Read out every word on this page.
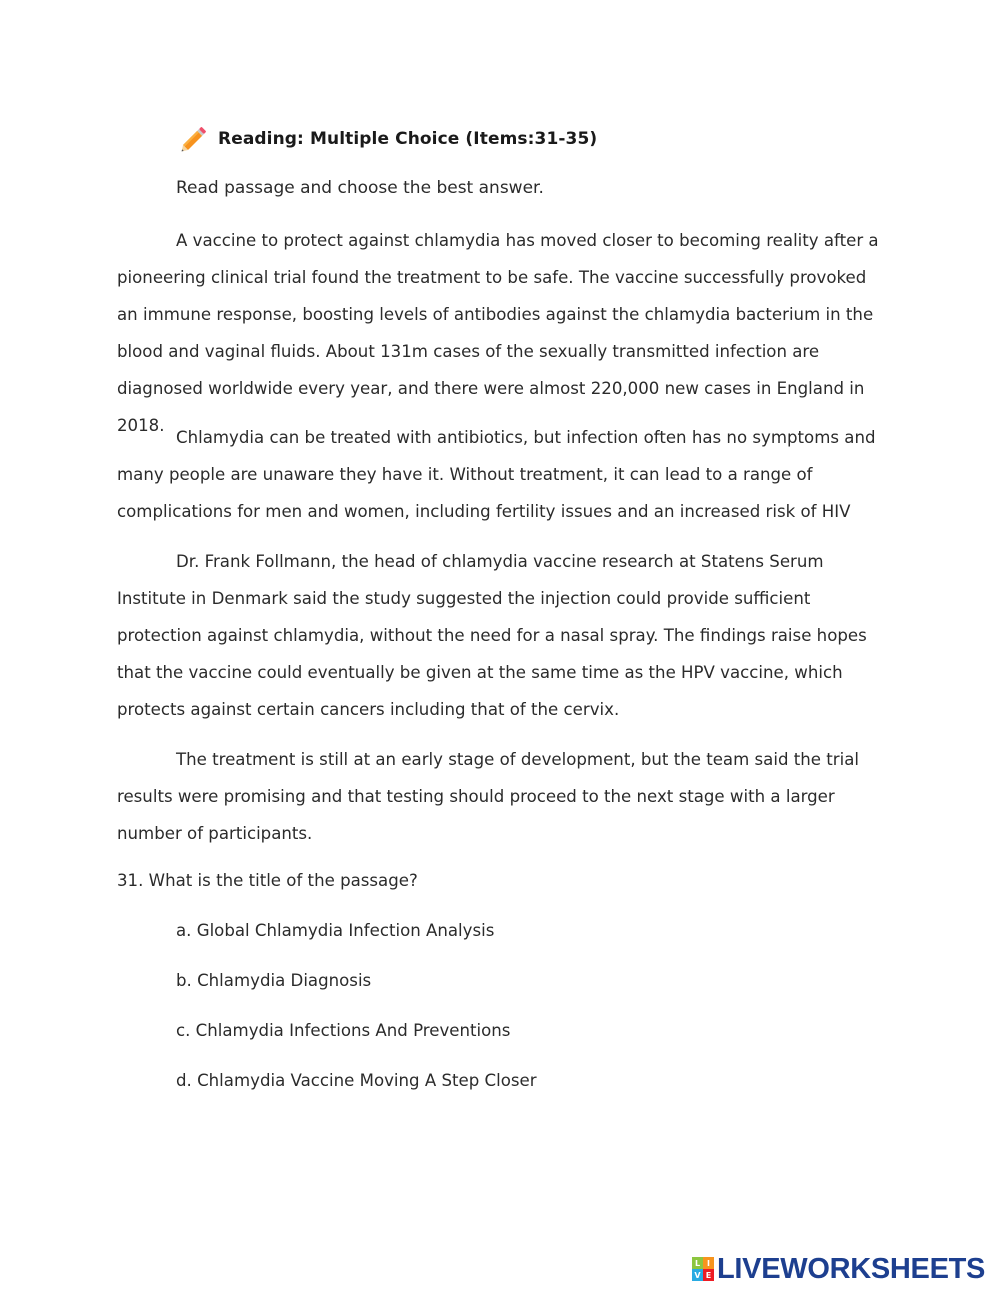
Reading: Multiple Choice (Items:31-35)
Read passage and choose the best answer.

A vaccine to protect against chlamydia has moved closer to becoming reality after a pioneering clinical trial found the treatment to be safe. The vaccine successfully provoked an immune response, boosting levels of antibodies against the chlamydia bacterium in the blood and vaginal fluids. About 131m cases of the sexually transmitted infection are diagnosed worldwide every year, and there were almost 220,000 new cases in England in 2018.

Chlamydia can be treated with antibiotics, but infection often has no symptoms and many people are unaware they have it. Without treatment, it can lead to a range of complications for men and women, including fertility issues and an increased risk of HIV

Dr. Frank Follmann, the head of chlamydia vaccine research at Statens Serum Institute in Denmark said the study suggested the injection could provide sufficient protection against chlamydia, without the need for a nasal spray. The findings raise hopes that the vaccine could eventually be given at the same time as the HPV vaccine, which protects against certain cancers including that of the cervix.

The treatment is still at an early stage of development, but the team said the trial results were promising and that testing should proceed to the next stage with a larger number of participants.

31. What is the title of the passage?
a. Global Chlamydia Infection Analysis
b. Chlamydia Diagnosis
c. Chlamydia Infections And Preventions
d. Chlamydia Vaccine Moving A Step Closer
L I
V E LIVEWORKSHEETS
